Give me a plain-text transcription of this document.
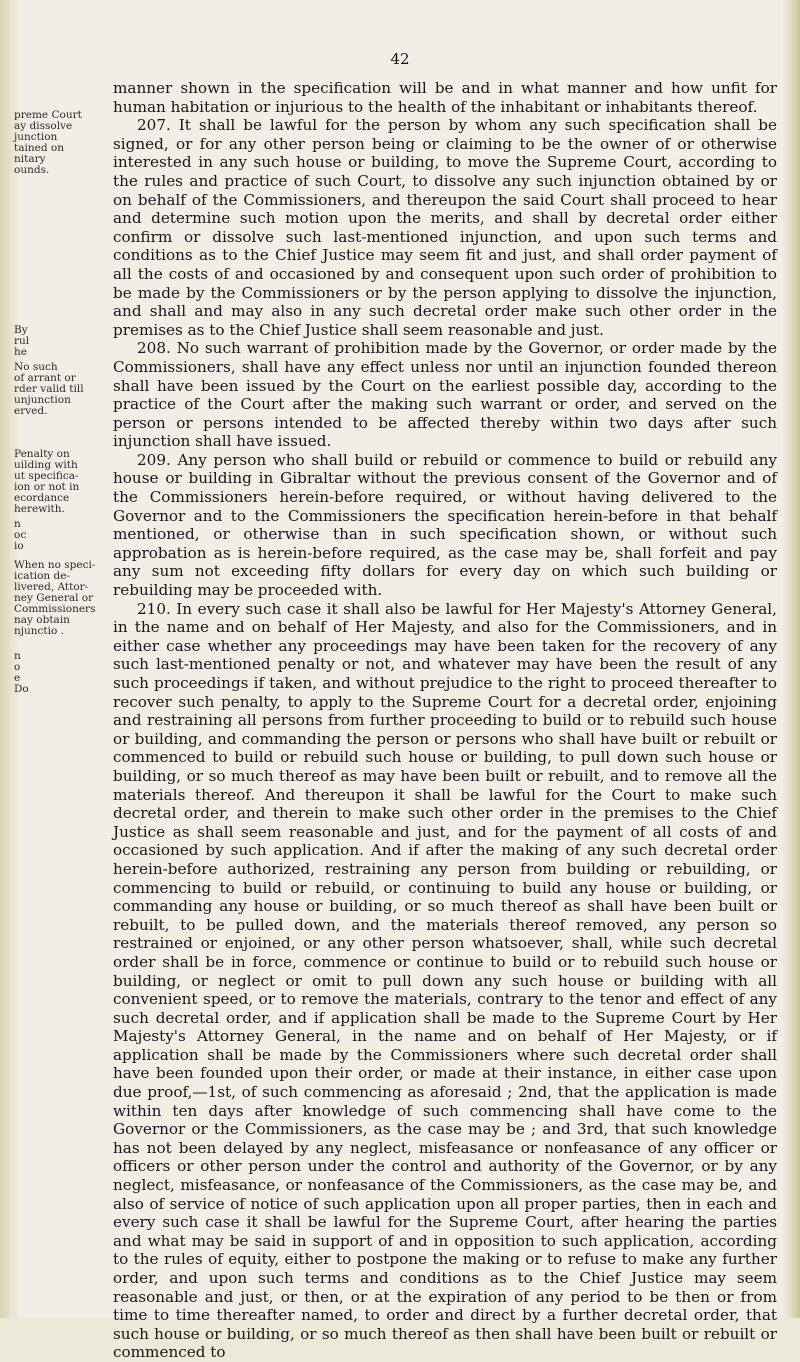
42
preme Court
ay dissolve
junction
tained on
nitary
ounds.
By
rul
he
No such
of arrant or
rder valid till
unjunction
erved.
Penalty on
uilding with
ut specifica-
ion or not in
ecordance
herewith.
n
oc
io
When no speci-
ication de-
livered, Attor-
ney General or
Commissioners
nay obtain
njunctio .
n
o
e
Do

manner shown in the specification will be and in what manner and how unfit for human habitation or injurious to the health of the inhabitant or inhabitants thereof.

207. It shall be lawful for the person by whom any such specification shall be signed, or for any other person being or claiming to be the owner of or otherwise interested in any such house or building, to move the Supreme Court, according to the rules and practice of such Court, to dissolve any such injunction obtained by or on behalf of the Commissioners, and thereupon the said Court shall proceed to hear and determine such motion upon the merits, and shall by decretal order either confirm or dissolve such last-mentioned injunction, and upon such terms and conditions as to the Chief Justice may seem fit and just, and shall order payment of all the costs of and occasioned by and consequent upon such order of prohibition to be made by the Commissioners or by the person applying to dissolve the injunction, and shall and may also in any such decretal order make such other order in the premises as to the Chief Justice shall seem reasonable and just.

208. No such warrant of prohibition made by the Governor, or order made by the Commissioners, shall have any effect unless nor until an injunction founded thereon shall have been issued by the Court on the earliest possible day, according to the practice of the Court after the making such warrant or order, and served on the person or persons intended to be affected thereby within two days after such injunction shall have issued.

209. Any person who shall build or rebuild or commence to build or rebuild any house or building in Gibraltar without the previous consent of the Governor and of the Commissioners herein-before required, or without having delivered to the Governor and to the Commissioners the specification herein-before in that behalf mentioned, or otherwise than in such specification shown, or without such approbation as is herein-before required, as the case may be, shall forfeit and pay any sum not exceeding fifty dollars for every day on which such building or rebuilding may be proceeded with.

210. In every such case it shall also be lawful for Her Majesty's Attorney General, in the name and on behalf of Her Majesty, and also for the Commissioners, and in either case whether any proceedings may have been taken for the recovery of any such last-mentioned penalty or not, and whatever may have been the result of any such proceedings if taken, and without prejudice to the right to proceed thereafter to recover such penalty, to apply to the Supreme Court for a decretal order, enjoining and restraining all persons from further proceeding to build or to rebuild such house or building, and commanding the person or persons who shall have built or rebuilt or commenced to build or rebuild such house or building, to pull down such house or building, or so much thereof as may have been built or rebuilt, and to remove all the materials thereof. And thereupon it shall be lawful for the Court to make such decretal order, and therein to make such other order in the premises to the Chief Justice as shall seem reasonable and just, and for the payment of all costs of and occasioned by such application. And if after the making of any such decretal order herein-before authorized, restraining any person from building or rebuilding, or commencing to build or rebuild, or continuing to build any house or building, or commanding any house or building, or so much thereof as shall have been built or rebuilt, to be pulled down, and the materials thereof removed, any person so restrained or enjoined, or any other person whatsoever, shall, while such decretal order shall be in force, commence or continue to build or to rebuild such house or building, or neglect or omit to pull down any such house or building with all convenient speed, or to remove the materials, contrary to the tenor and effect of any such decretal order, and if application shall be made to the Supreme Court by Her Majesty's Attorney General, in the name and on behalf of Her Majesty, or if application shall be made by the Commissioners where such decretal order shall have been founded upon their order, or made at their instance, in either case upon due proof,—1st, of such commencing as aforesaid ; 2nd, that the application is made within ten days after knowledge of such commencing shall have come to the Governor or the Commissioners, as the case may be ; and 3rd, that such knowledge has not been delayed by any neglect, misfeasance or nonfeasance of any officer or officers or other person under the control and authority of the Governor, or by any neglect, misfeasance, or nonfeasance of the Commissioners, as the case may be, and also of service of notice of such application upon all proper parties, then in each and every such case it shall be lawful for the Supreme Court, after hearing the parties and what may be said in support of and in opposition to such application, according to the rules of equity, either to postpone the making or to refuse to make any further order, and upon such terms and conditions as to the Chief Justice may seem reasonable and just, or then, or at the expiration of any period to be then or from time to time thereafter named, to order and direct by a further decretal order, that such house or building, or so much thereof as then shall have been built or rebuilt or commenced to
